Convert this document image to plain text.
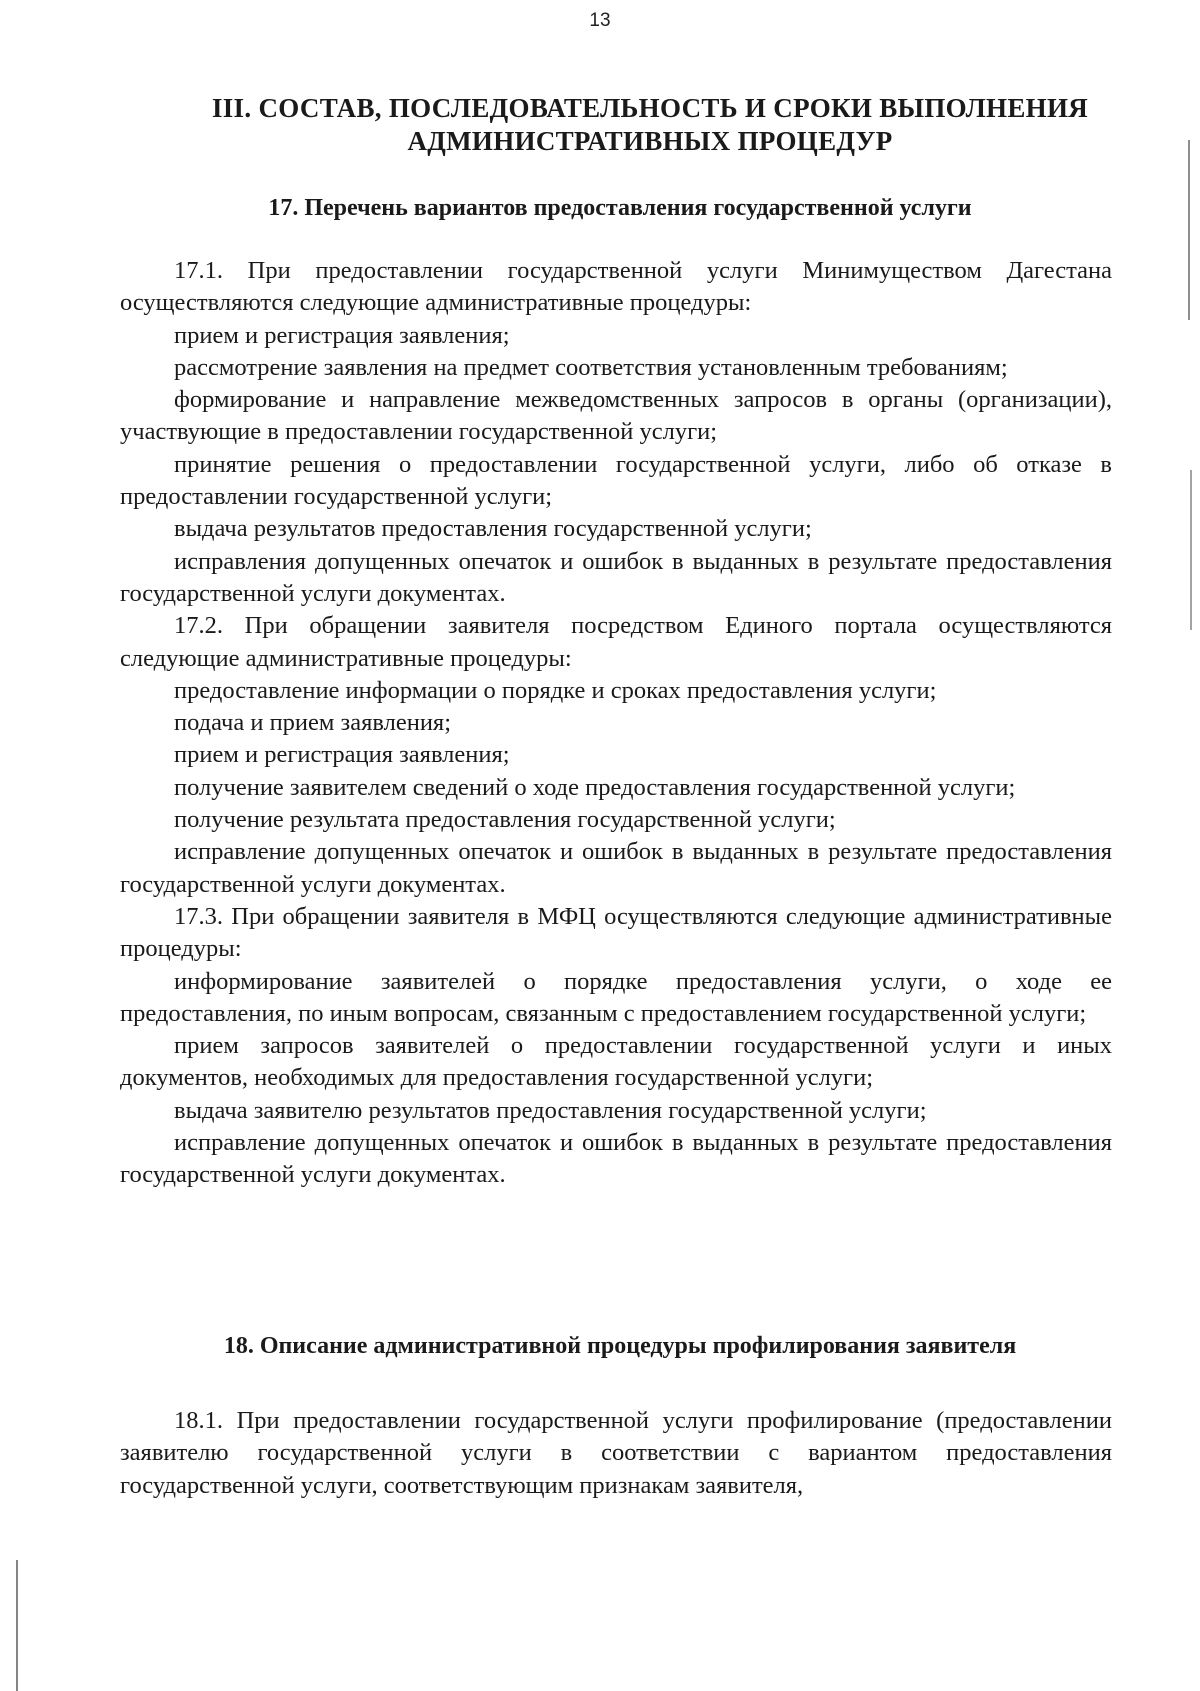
13
III. СОСТАВ, ПОСЛЕДОВАТЕЛЬНОСТЬ И СРОКИ ВЫПОЛНЕНИЯ АДМИНИСТРАТИВНЫХ ПРОЦЕДУР
17. Перечень вариантов предоставления государственной услуги

17.1. При предоставлении государственной услуги Минимуществом Дагестана осуществляются следующие административные процедуры:

прием и регистрация заявления;

рассмотрение заявления на предмет соответствия установленным требованиям;

формирование и направление межведомственных запросов в органы (организации), участвующие в предоставлении государственной услуги;

принятие решения о предоставлении государственной услуги, либо об отказе в предоставлении государственной услуги;

выдача результатов предоставления государственной услуги;

исправления допущенных опечаток и ошибок в выданных в результате предоставления государственной услуги документах.

17.2. При обращении заявителя посредством Единого портала осуществляются следующие административные процедуры:

предоставление информации о порядке и сроках предоставления услуги;

подача и прием заявления;

прием и регистрация заявления;

получение заявителем сведений о ходе предоставления государственной услуги;

получение результата предоставления государственной услуги;

исправление допущенных опечаток и ошибок в выданных в результате предоставления государственной услуги документах.

17.3. При обращении заявителя в МФЦ осуществляются следующие административные процедуры:

информирование заявителей о порядке предоставления услуги, о ходе ее предоставления, по иным вопросам, связанным с предоставлением государственной услуги;

прием запросов заявителей о предоставлении государственной услуги и иных документов, необходимых для предоставления государственной услуги;

выдача заявителю результатов предоставления государственной услуги;

исправление допущенных опечаток и ошибок в выданных в результате предоставления государственной услуги документах.

18. Описание административной процедуры профилирования заявителя

18.1. При предоставлении государственной услуги профилирование (предоставлении заявителю государственной услуги в соответствии с вариантом предоставления государственной услуги, соответствующим признакам заявителя,
